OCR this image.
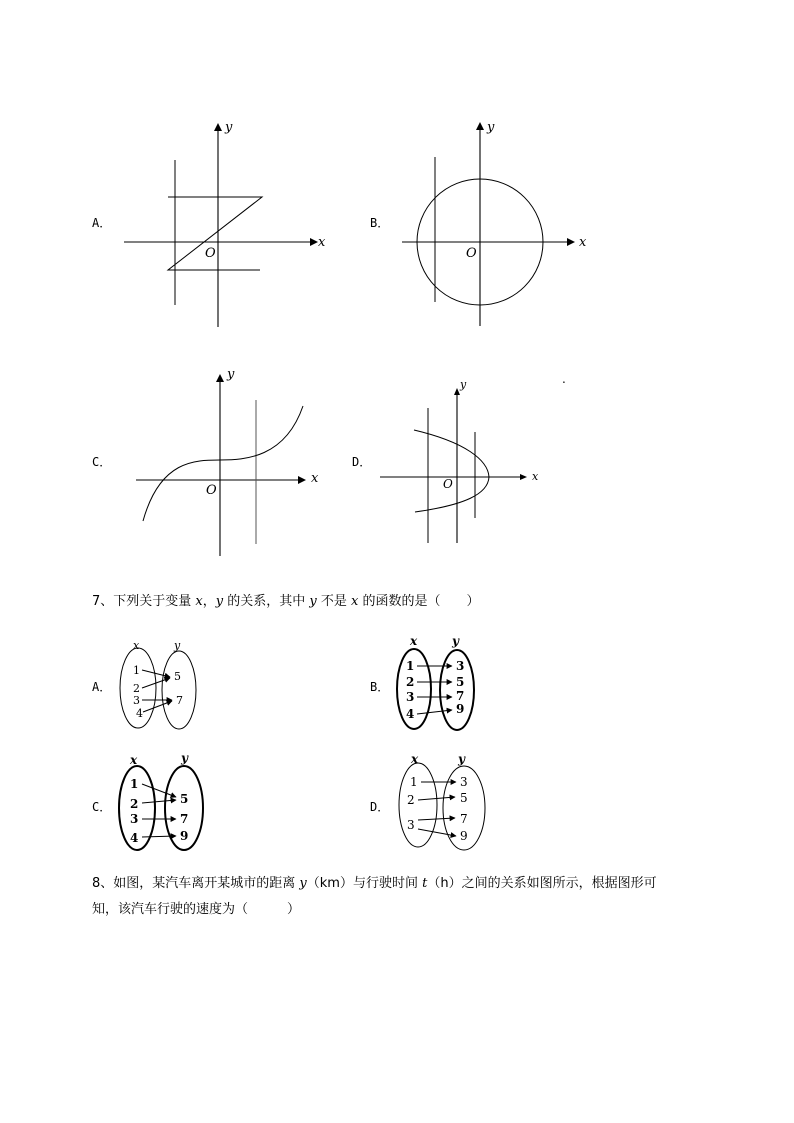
A．
y
x
O
B．
y
x
O
C．
y
x
O
D．
y
x
O
.
7、下列关于变量 x，y 的关系，其中 y 不是 x 的函数的是（　　）
A．
x	y
1
2
3
4
5
7
B．
x	y
1
2
3
4
3
5
7
9
C．
x	y
1
2
3
4
5
7
9
D．
x	y
1
2
3
3
5
7
9
8、如图，某汽车离开某城市的距离 y（km）与行驶时间 t（h）之间的关系如图所示，根据图形可
知，该汽车行驶的速度为（　　　）
